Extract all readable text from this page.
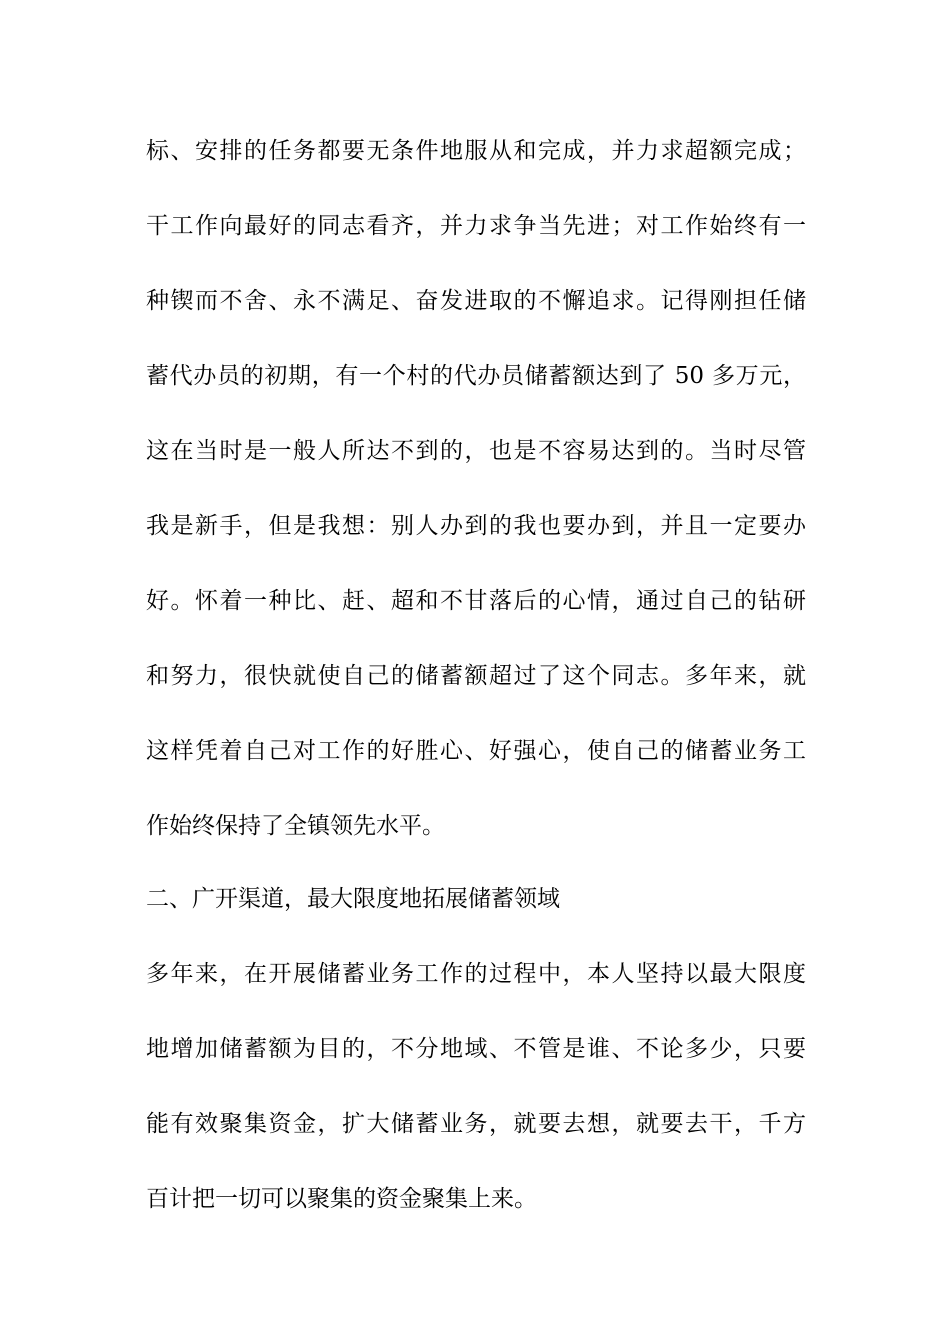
标、安排的任务都要无条件地服从和完成，并力求超额完成；
干工作向最好的同志看齐，并力求争当先进；对工作始终有一
种锲而不舍、永不满足、奋发进取的不懈追求。记得刚担任储
蓄代办员的初期，有一个村的代办员储蓄额达到了 50 多万元，
这在当时是一般人所达不到的，也是不容易达到的。当时尽管
我是新手，但是我想：别人办到的我也要办到，并且一定要办
好。怀着一种比、赶、超和不甘落后的心情，通过自己的钻研
和努力，很快就使自己的储蓄额超过了这个同志。多年来，就
这样凭着自己对工作的好胜心、好强心，使自己的储蓄业务工
作始终保持了全镇领先水平。
二、广开渠道，最大限度地拓展储蓄领域
多年来，在开展储蓄业务工作的过程中，本人坚持以最大限度
地增加储蓄额为目的，不分地域、不管是谁、不论多少，只要
能有效聚集资金，扩大储蓄业务，就要去想，就要去干，千方
百计把一切可以聚集的资金聚集上来。
